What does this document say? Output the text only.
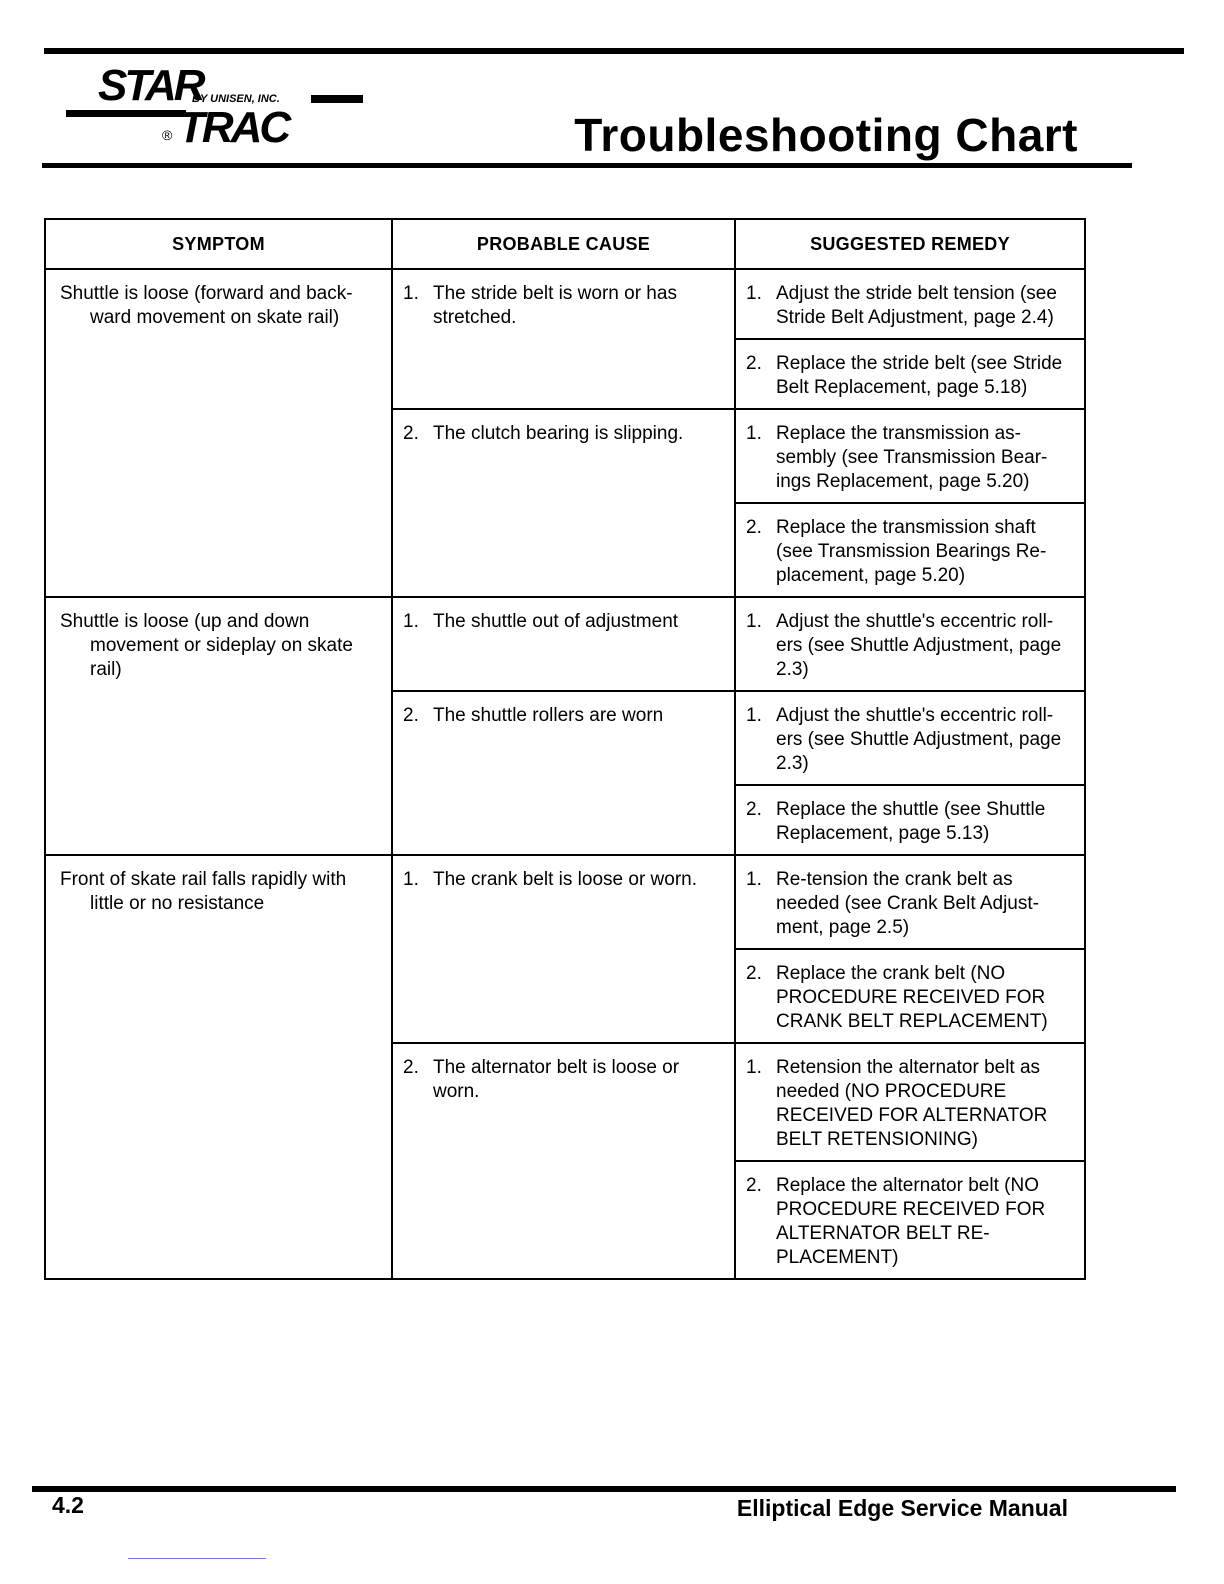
STAR
BY UNISEN, INC.
® TRAC	Troubleshooting Chart
SYMPTOM	PROBABLE CAUSE	SUGGESTED REMEDY

Shuttle is loose (forward and back-ward movement on skate rail)	1. The stride belt is worn or has stretched.	1. Adjust the stride belt tension (see Stride Belt Adjustment, page 2.4)

		2. Replace the stride belt (see Stride Belt Replacement, page 5.18)

	2. The clutch bearing is slipping.	1. Replace the transmission as-sembly (see Transmission Bear-ings Replacement, page 5.20)

		2. Replace the transmission shaft (see Transmission Bearings Re-placement, page 5.20)

Shuttle is loose (up and down movement or sideplay on skate rail)	1. The shuttle out of adjustment	1. Adjust the shuttle's eccentric roll-ers (see Shuttle Adjustment, page 2.3)

	2. The shuttle rollers are worn	1. Adjust the shuttle's eccentric roll-ers (see Shuttle Adjustment, page 2.3)

		2. Replace the shuttle (see Shuttle Replacement, page 5.13)

Front of skate rail falls rapidly with little or no resistance	1. The crank belt is loose or worn.	1. Re-tension the crank belt as needed (see Crank Belt Adjust-ment, page 2.5)

		2. Replace the crank belt (NO PROCEDURE RECEIVED FOR CRANK BELT REPLACEMENT)

	2. The alternator belt is loose or worn.	1. Retension the alternator belt as needed (NO PROCEDURE RECEIVED FOR ALTERNATOR BELT RETENSIONING)

		2. Replace the alternator belt (NO PROCEDURE RECEIVED FOR ALTERNATOR BELT RE-PLACEMENT)
4.2	Elliptical Edge Service Manual
